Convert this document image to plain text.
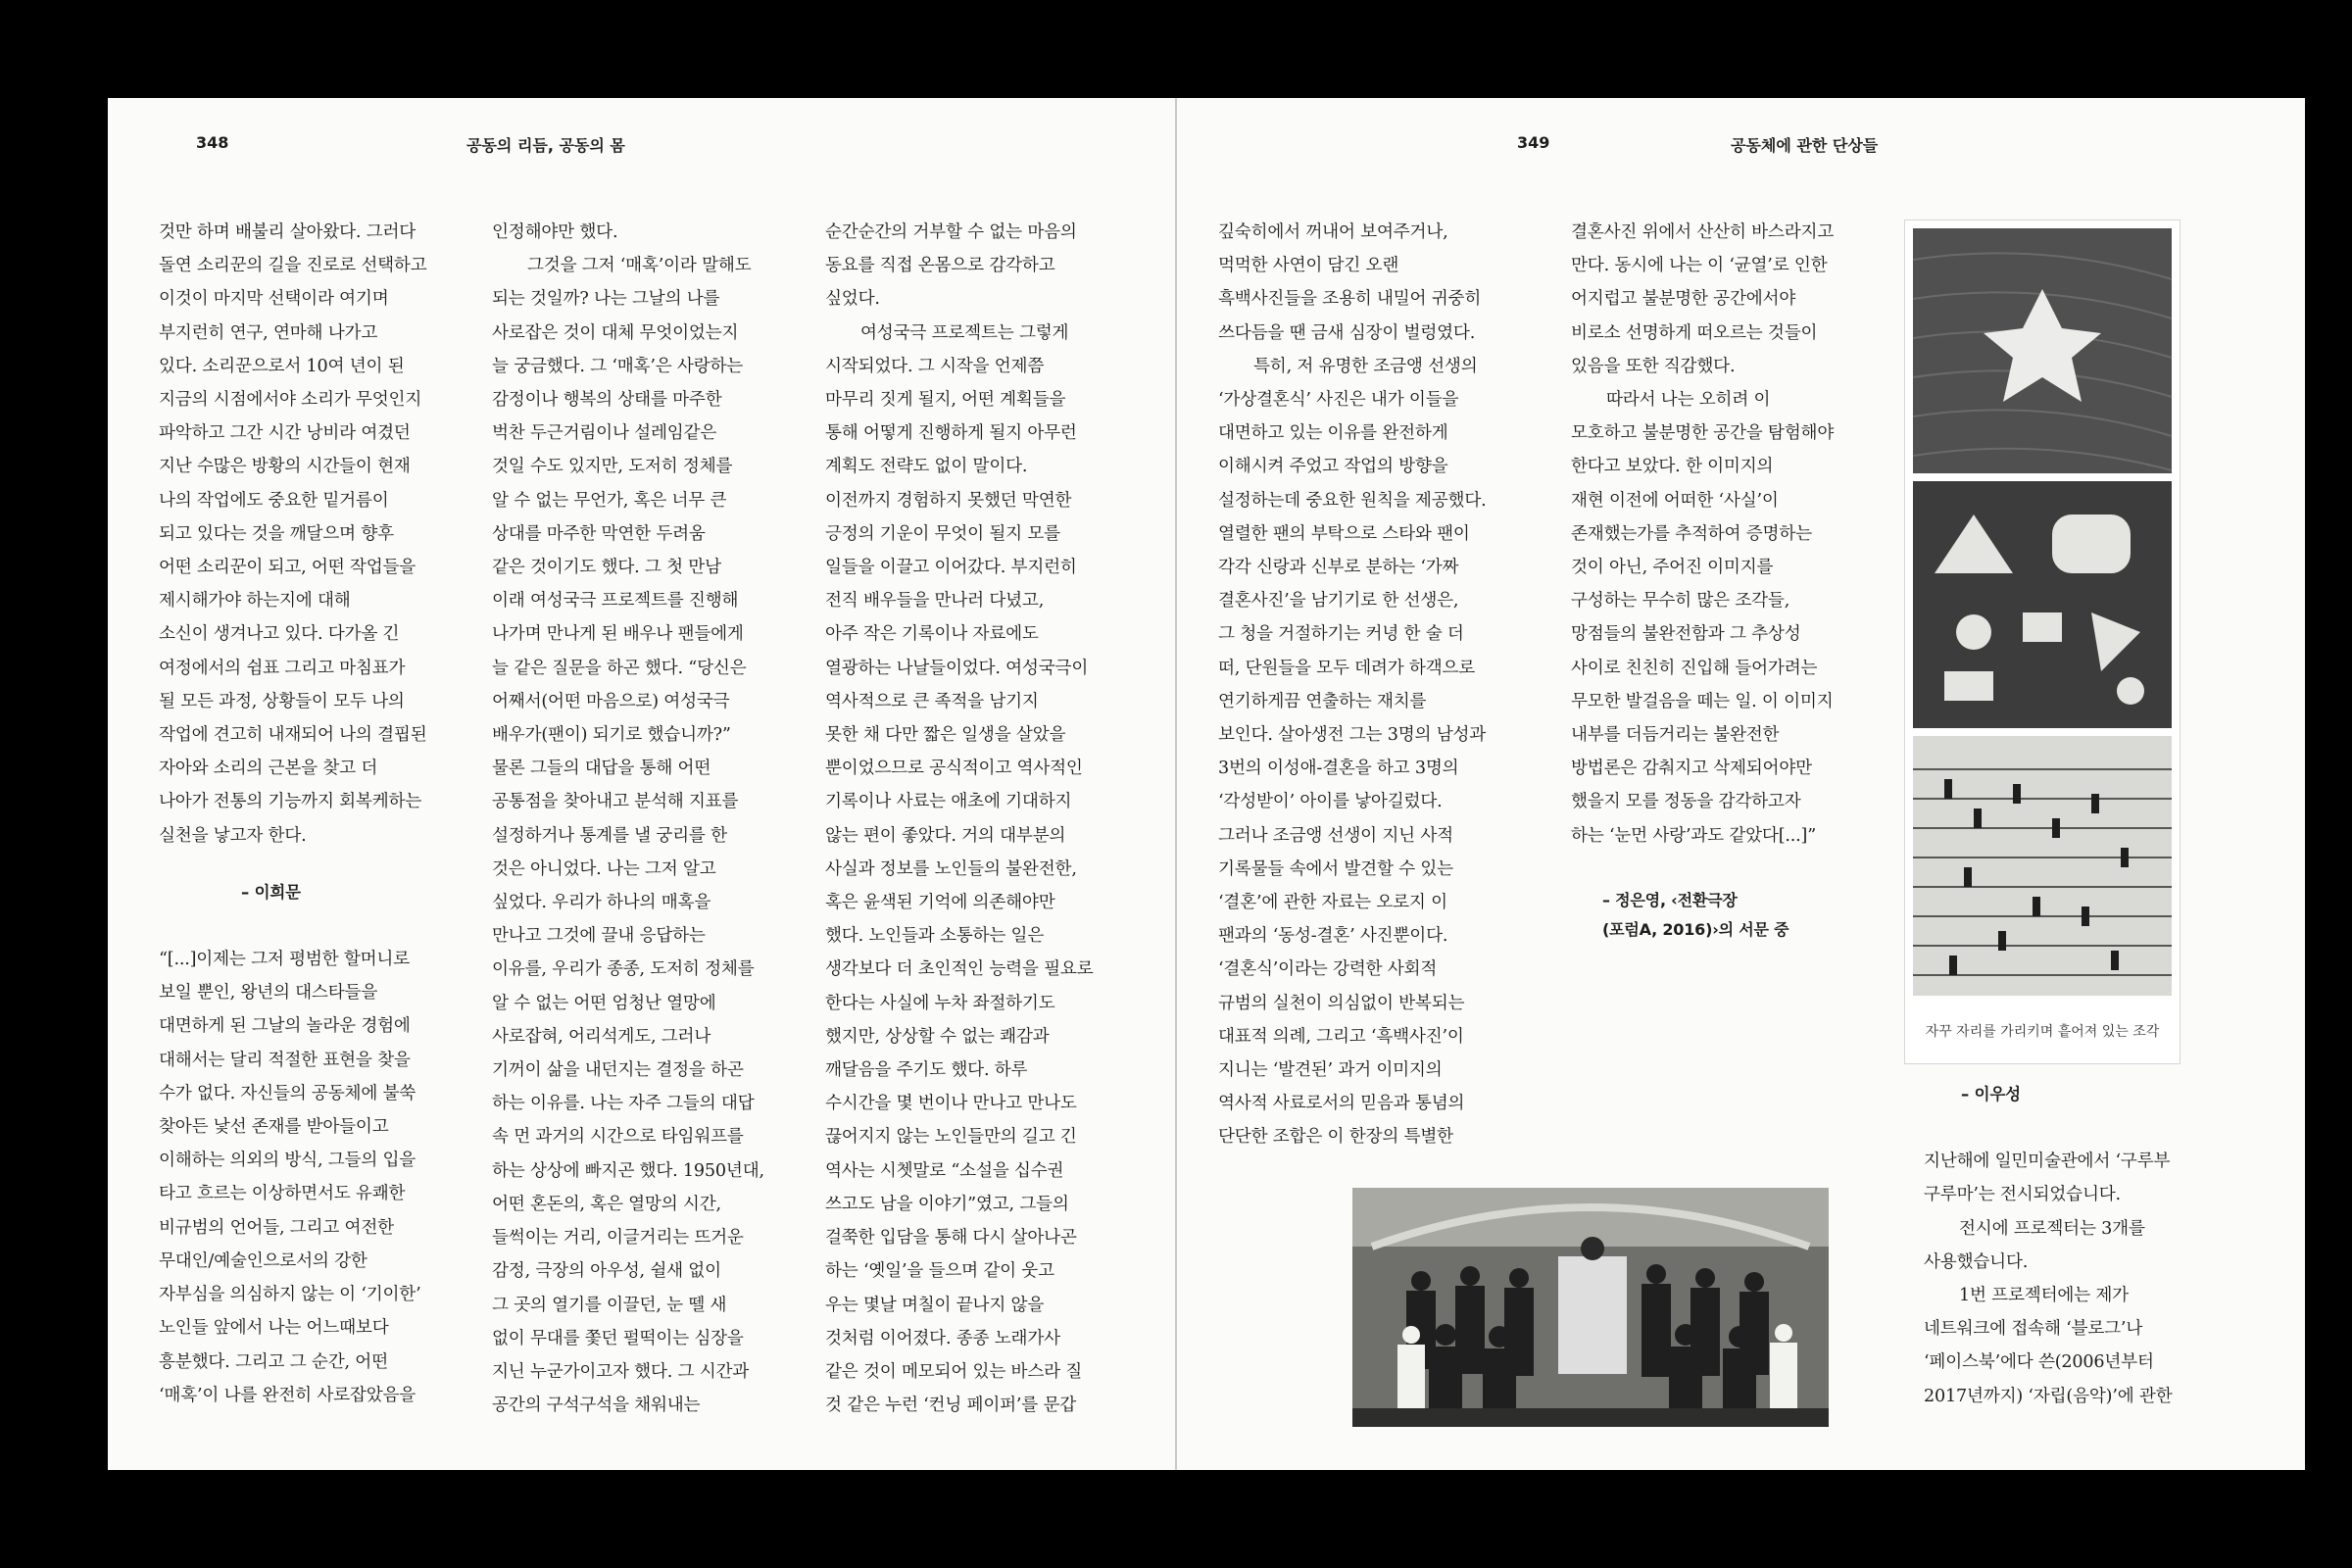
348	공동의 리듬, 공동의 몸

것만 하며 배불리 살아왔다. 그러다

돌연 소리꾼의 길을 진로로 선택하고

이것이 마지막 선택이라 여기며

부지런히 연구, 연마해 나가고

있다. 소리꾼으로서 10여 년이 된

지금의 시점에서야 소리가 무엇인지

파악하고 그간 시간 낭비라 여겼던

지난 수많은 방황의 시간들이 현재

나의 작업에도 중요한 밑거름이

되고 있다는 것을 깨달으며 향후

어떤 소리꾼이 되고, 어떤 작업들을

제시해가야 하는지에 대해

소신이 생겨나고 있다. 다가올 긴

여정에서의 쉼표 그리고 마침표가

될 모든 과정, 상황들이 모두 나의

작업에 견고히 내재되어 나의 결핍된

자아와 소리의 근본을 찾고 더

나아가 전통의 기능까지 회복케하는

실천을 낳고자 한다.

– 이희문

“[...]이제는 그저 평범한 할머니로

보일 뿐인, 왕년의 대스타들을

대면하게 된 그날의 놀라운 경험에

대해서는 달리 적절한 표현을 찾을

수가 없다. 자신들의 공동체에 불쑥

찾아든 낯선 존재를 받아들이고

이해하는 의외의 방식, 그들의 입을

타고 흐르는 이상하면서도 유쾌한

비규범의 언어들, 그리고 여전한

무대인/예술인으로서의 강한

자부심을 의심하지 않는 이 ‘기이한’

노인들 앞에서 나는 어느때보다

흥분했다. 그리고 그 순간, 어떤

‘매혹’이 나를 완전히 사로잡았음을

인정해야만 했다.

그것을 그저 ‘매혹’이라 말해도

되는 것일까? 나는 그날의 나를

사로잡은 것이 대체 무엇이었는지

늘 궁금했다. 그 ‘매혹’은 사랑하는

감정이나 행복의 상태를 마주한

벅찬 두근거림이나 설레임같은

것일 수도 있지만, 도저히 정체를

알 수 없는 무언가, 혹은 너무 큰

상대를 마주한 막연한 두려움

같은 것이기도 했다. 그 첫 만남

이래 여성국극 프로젝트를 진행해

나가며 만나게 된 배우나 팬들에게

늘 같은 질문을 하곤 했다. “당신은

어째서(어떤 마음으로) 여성국극

배우가(팬이) 되기로 했습니까?”

물론 그들의 대답을 통해 어떤

공통점을 찾아내고 분석해 지표를

설정하거나 통계를 낼 궁리를 한

것은 아니었다. 나는 그저 알고

싶었다. 우리가 하나의 매혹을

만나고 그것에 끌내 응답하는

이유를, 우리가 종종, 도저히 정체를

알 수 없는 어떤 엄청난 열망에

사로잡혀, 어리석게도, 그러나

기꺼이 삶을 내던지는 결정을 하곤

하는 이유를. 나는 자주 그들의 대답

속 먼 과거의 시간으로 타임워프를

하는 상상에 빠지곤 했다. 1950년대,

어떤 혼돈의, 혹은 열망의 시간,

들썩이는 거리, 이글거리는 뜨거운

감정, 극장의 아우성, 쉴새 없이

그 곳의 열기를 이끌던, 눈 뗄 새

없이 무대를 쫓던 펄떡이는 심장을

지닌 누군가이고자 했다. 그 시간과

공간의 구석구석을 채워내는

순간순간의 거부할 수 없는 마음의

동요를 직접 온몸으로 감각하고

싶었다.

여성국극 프로젝트는 그렇게

시작되었다. 그 시작을 언제쯤

마무리 짓게 될지, 어떤 계획들을

통해 어떻게 진행하게 될지 아무런

계획도 전략도 없이 말이다.

이전까지 경험하지 못했던 막연한

긍정의 기운이 무엇이 될지 모를

일들을 이끌고 이어갔다. 부지런히

전직 배우들을 만나러 다녔고,

아주 작은 기록이나 자료에도

열광하는 나날들이었다. 여성국극이

역사적으로 큰 족적을 남기지

못한 채 다만 짧은 일생을 살았을

뿐이었으므로 공식적이고 역사적인

기록이나 사료는 애초에 기대하지

않는 편이 좋았다. 거의 대부분의

사실과 정보를 노인들의 불완전한,

혹은 윤색된 기억에 의존해야만

했다. 노인들과 소통하는 일은

생각보다 더 초인적인 능력을 필요로

한다는 사실에 누차 좌절하기도

했지만, 상상할 수 없는 쾌감과

깨달음을 주기도 했다. 하루

수시간을 몇 번이나 만나고 만나도

끊어지지 않는 노인들만의 길고 긴

역사는 시쳇말로 “소설을 십수권

쓰고도 남을 이야기”였고, 그들의

걸쭉한 입담을 통해 다시 살아나곤

하는 ‘옛일’을 들으며 같이 웃고

우는 몇날 며칠이 끝나지 않을

것처럼 이어졌다. 종종 노래가사

같은 것이 메모되어 있는 바스라 질

것 같은 누런 ‘컨닝 페이퍼’를 문갑

349	공동체에 관한 단상들

깊숙히에서 꺼내어 보여주거나,

먹먹한 사연이 담긴 오랜

흑백사진들을 조용히 내밀어 귀중히

쓰다듬을 땐 금새 심장이 벌렁였다.

특히, 저 유명한 조금앵 선생의

‘가상결혼식’ 사진은 내가 이들을

대면하고 있는 이유를 완전하게

이해시켜 주었고 작업의 방향을

설정하는데 중요한 원칙을 제공했다.

열렬한 팬의 부탁으로 스타와 팬이

각각 신랑과 신부로 분하는 ‘가짜

결혼사진’을 남기기로 한 선생은,

그 청을 거절하기는 커녕 한 술 더

떠, 단원들을 모두 데려가 하객으로

연기하게끔 연출하는 재치를

보인다. 살아생전 그는 3명의 남성과

3번의 이성애-결혼을 하고 3명의

‘각성받이’ 아이를 낳아길렀다.

그러나 조금앵 선생이 지닌 사적

기록물들 속에서 발견할 수 있는

‘결혼’에 관한 자료는 오로지 이

팬과의 ‘동성-결혼’ 사진뿐이다.

‘결혼식’이라는 강력한 사회적

규범의 실천이 의심없이 반복되는

대표적 의례, 그리고 ‘흑백사진’이

지니는 ‘발견된’ 과거 이미지의

역사적 사료로서의 믿음과 통념의

단단한 조합은 이 한장의 특별한

결혼사진 위에서 산산히 바스라지고

만다. 동시에 나는 이 ‘균열’로 인한

어지럽고 불분명한 공간에서야

비로소 선명하게 떠오르는 것들이

있음을 또한 직감했다.

따라서 나는 오히려 이

모호하고 불분명한 공간을 탐험해야

한다고 보았다. 한 이미지의

재현 이전에 어떠한 ‘사실’이

존재했는가를 추적하여 증명하는

것이 아닌, 주어진 이미지를

구성하는 무수히 많은 조각들,

망점들의 불완전함과 그 추상성

사이로 친친히 진입해 들어가려는

무모한 발걸음을 떼는 일. 이 이미지

내부를 더듬거리는 불완전한

방법론은 감춰지고 삭제되어야만

했을지 모를 정동을 감각하고자

하는 ‘눈먼 사랑’과도 같았다[...]”

– 정은영, ‹전환극장

(포럼A, 2016)›의 서문 중

자꾸 자리를 가리키며 흩어져 있는 조각

– 이우성

지난해에 일민미술관에서 ‘구루부

구루마’는 전시되었습니다.

전시에 프로젝터는 3개를

사용했습니다.

1번 프로젝터에는 제가

네트워크에 접속해 ‘블로그’나

‘페이스북’에다 쓴(2006년부터

2017년까지) ‘자립(음악)’에 관한
